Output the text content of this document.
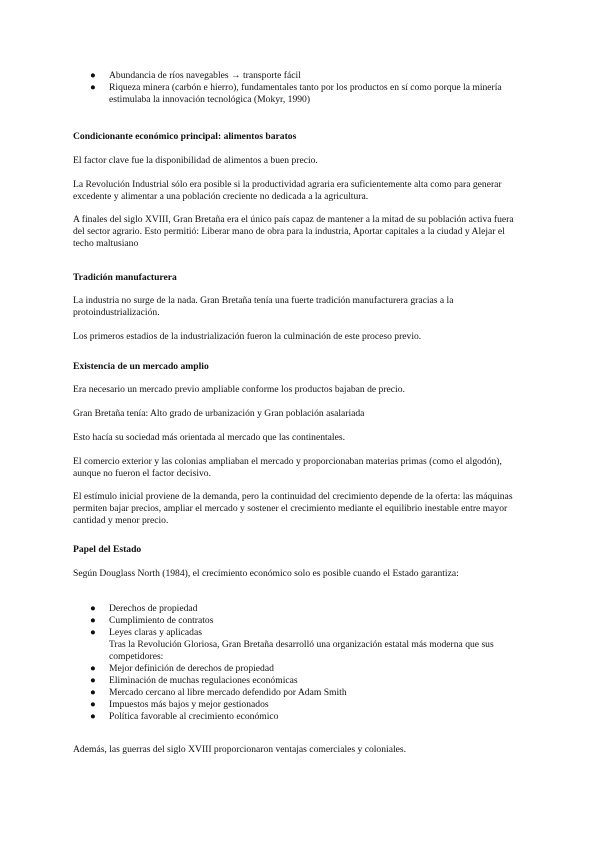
● Abundancia de ríos navegables → transporte fácil
● Riqueza minera (carbón e hierro), fundamentales tanto por los productos en sí como porque la minería estimulaba la innovación tecnológica (Mokyr, 1990)

Condicionante económico principal: alimentos baratos

El factor clave fue la disponibilidad de alimentos a buen precio.

La Revolución Industrial sólo era posible si la productividad agraria era suficientemente alta como para generar excedente y alimentar a una población creciente no dedicada a la agricultura.

A finales del siglo XVIII, Gran Bretaña era el único país capaz de mantener a la mitad de su población activa fuera del sector agrario. Esto permitió: Liberar mano de obra para la industria, Aportar capitales a la ciudad y Alejar el techo maltusiano

Tradición manufacturera

La industria no surge de la nada. Gran Bretaña tenía una fuerte tradición manufacturera gracias a la protoindustrialización.

Los primeros estadios de la industrialización fueron la culminación de este proceso previo.

Existencia de un mercado amplio

Era necesario un mercado previo ampliable conforme los productos bajaban de precio.

Gran Bretaña tenía: Alto grado de urbanización y Gran población asalariada

Esto hacía su sociedad más orientada al mercado que las continentales.

El comercio exterior y las colonias ampliaban el mercado y proporcionaban materias primas (como el algodón), aunque no fueron el factor decisivo.

El estímulo inicial proviene de la demanda, pero la continuidad del crecimiento depende de la oferta: las máquinas permiten bajar precios, ampliar el mercado y sostener el crecimiento mediante el equilibrio inestable entre mayor cantidad y menor precio.

Papel del Estado

Según Douglass North (1984), el crecimiento económico solo es posible cuando el Estado garantiza:

● Derechos de propiedad
● Cumplimiento de contratos
● Leyes claras y aplicadas
Tras la Revolución Gloriosa, Gran Bretaña desarrolló una organización estatal más moderna que sus competidores:
● Mejor definición de derechos de propiedad
● Eliminación de muchas regulaciones económicas
● Mercado cercano al libre mercado defendido por Adam Smith
● Impuestos más bajos y mejor gestionados
● Política favorable al crecimiento económico

Además, las guerras del siglo XVIII proporcionaron ventajas comerciales y coloniales.
